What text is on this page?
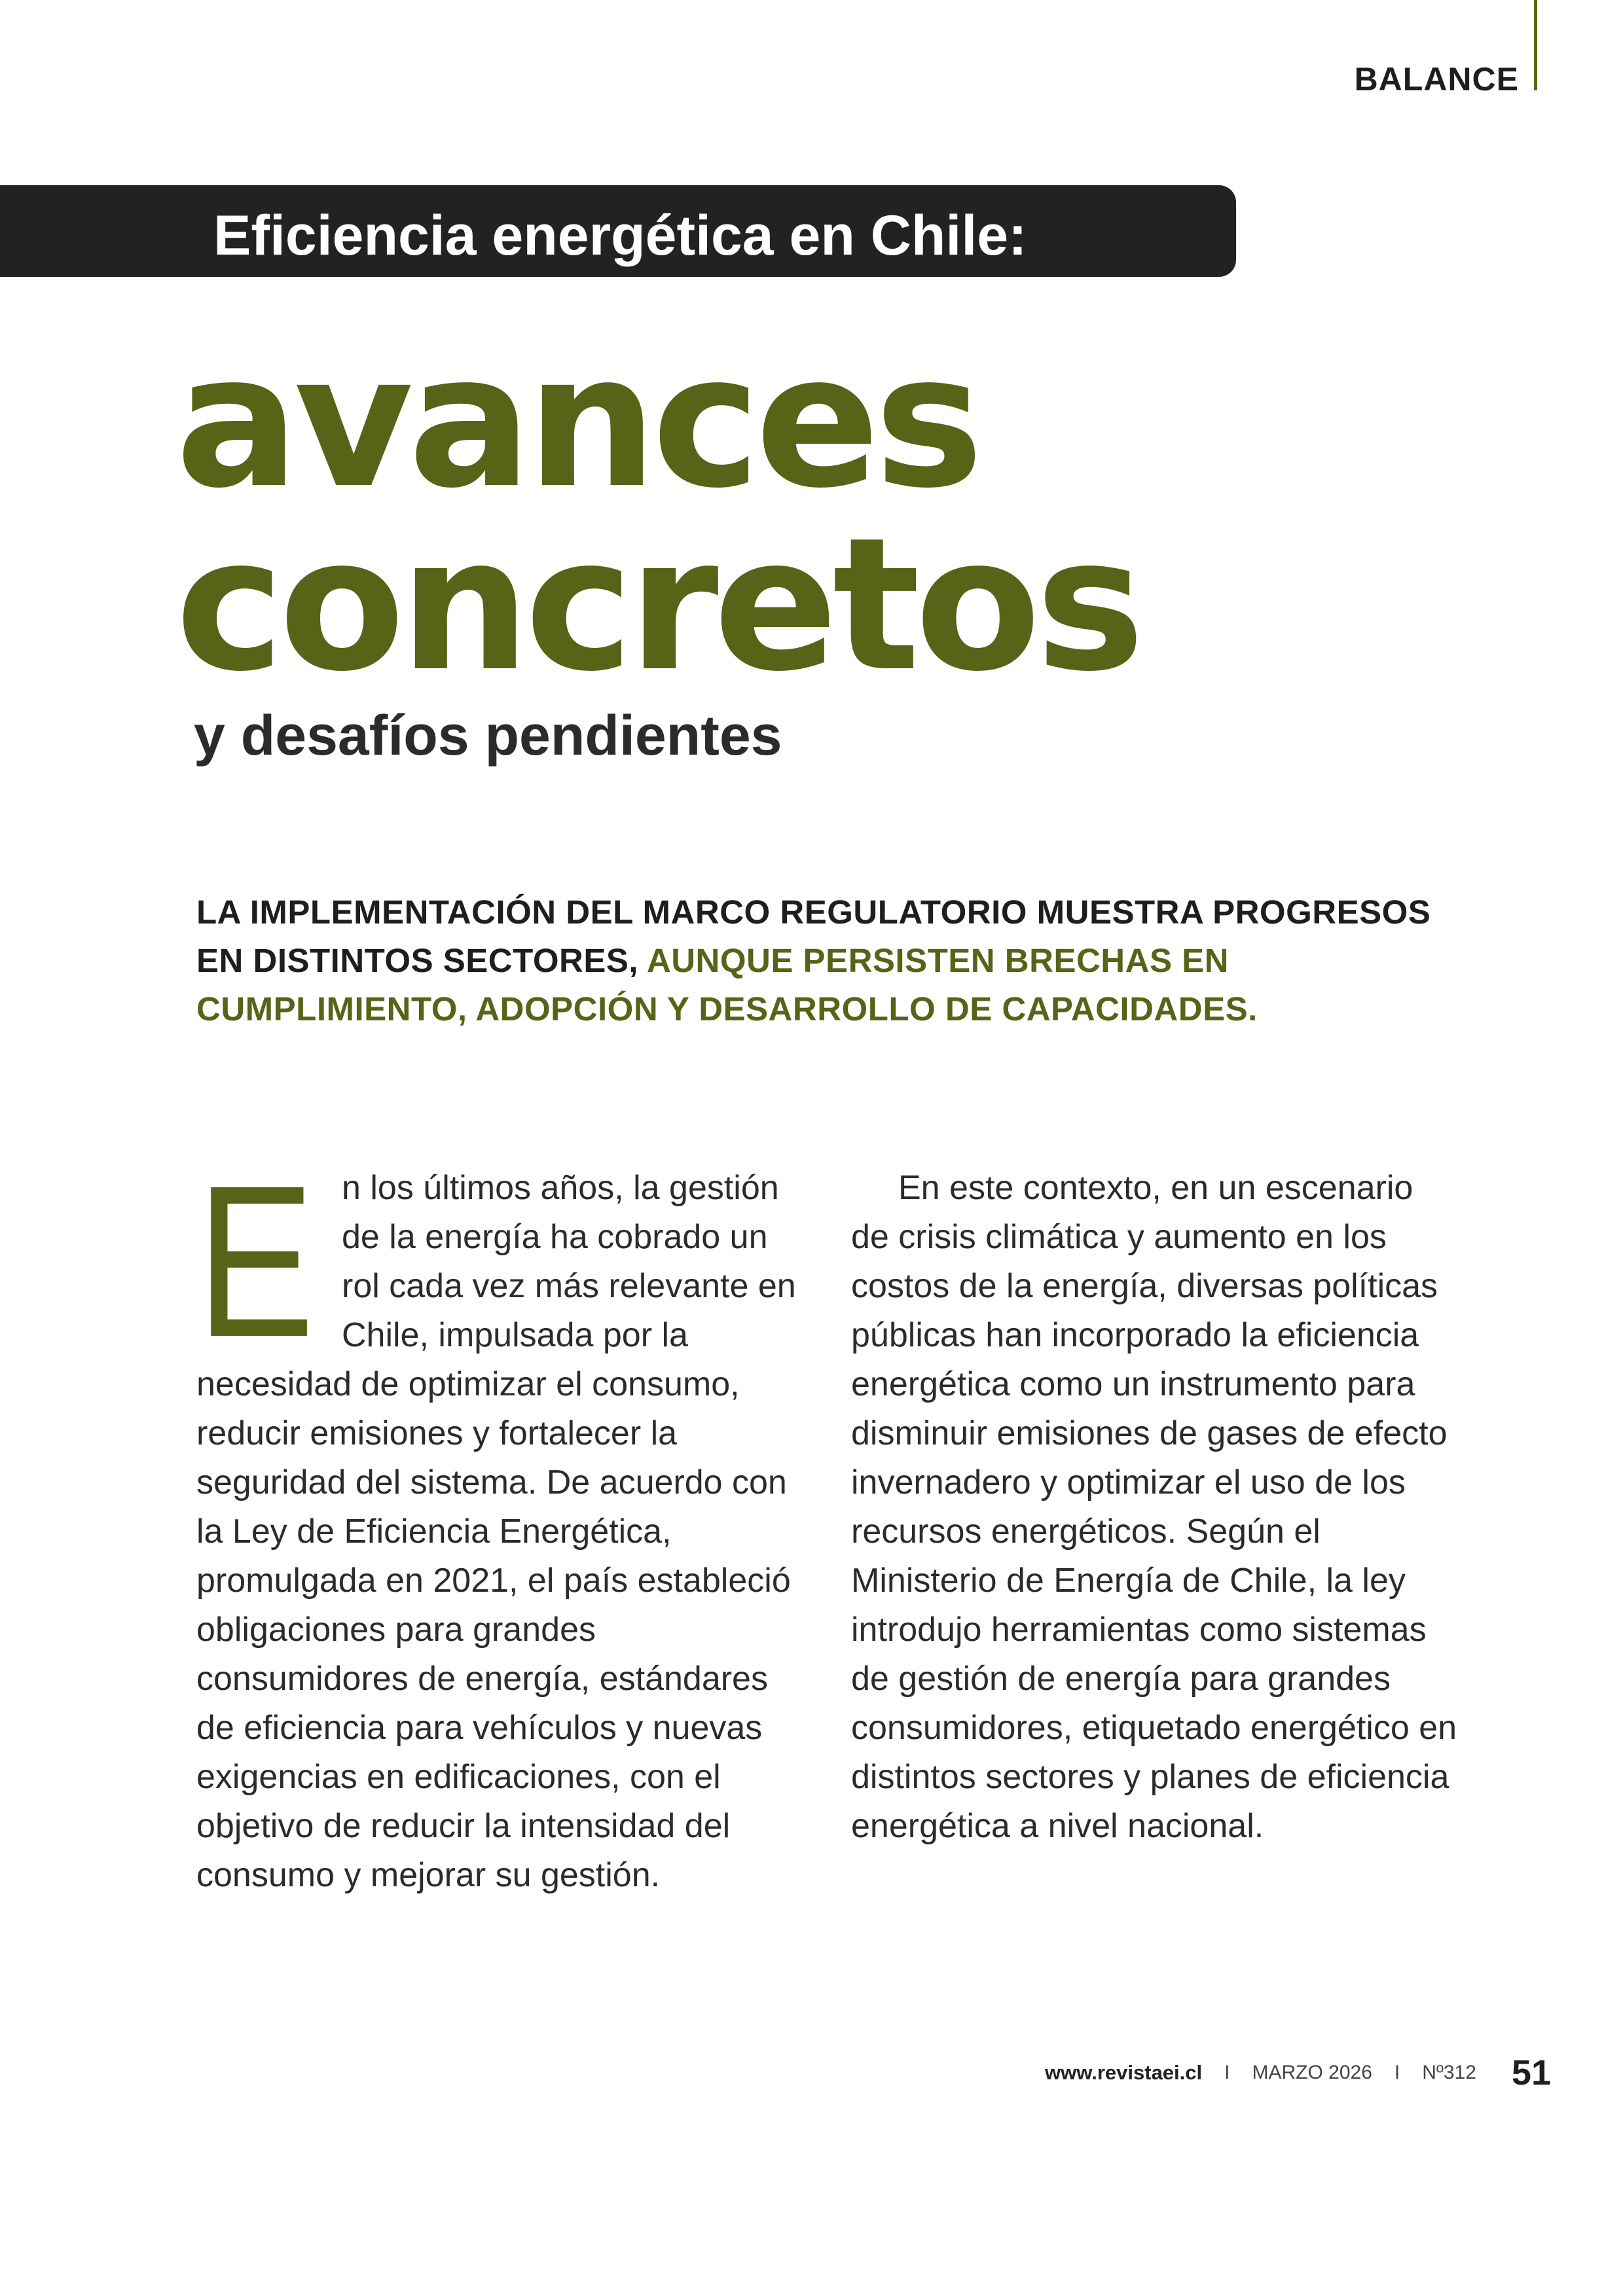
BALANCE
Eficiencia energética en Chile:
avances
concretos
y desafíos pendientes

LA IMPLEMENTACIÓN DEL MARCO REGULATORIO MUESTRA PROGRESOS EN DISTINTOS SECTORES, AUNQUE PERSISTEN BRECHAS EN CUMPLIMIENTO, ADOPCIÓN Y DESARROLLO DE CAPACIDADES.

E n los últimos años, la gestión de la energía ha cobrado un rol cada vez más relevante en Chile, impulsada por la necesidad de optimizar el consumo, reducir emisiones y fortalecer la seguridad del sistema. De acuerdo con la Ley de Eficiencia Energética, promulgada en 2021, el país estableció obligaciones para grandes consumidores de energía, estándares de eficiencia para vehículos y nuevas exigencias en edificaciones, con el objetivo de reducir la intensidad del consumo y mejorar su gestión.

En este contexto, en un escenario de crisis climática y aumento en los costos de la energía, diversas políticas públicas han incorporado la eficiencia energética como un instrumento para disminuir emisiones de gases de efecto invernadero y optimizar el uso de los recursos energéticos. Según el Ministerio de Energía de Chile, la ley introdujo herramientas como sistemas de gestión de energía para grandes consumidores, etiquetado energético en distintos sectores y planes de eficiencia energética a nivel nacional.

www.revistaei.cl I MARZO 2026 I Nº312 51
